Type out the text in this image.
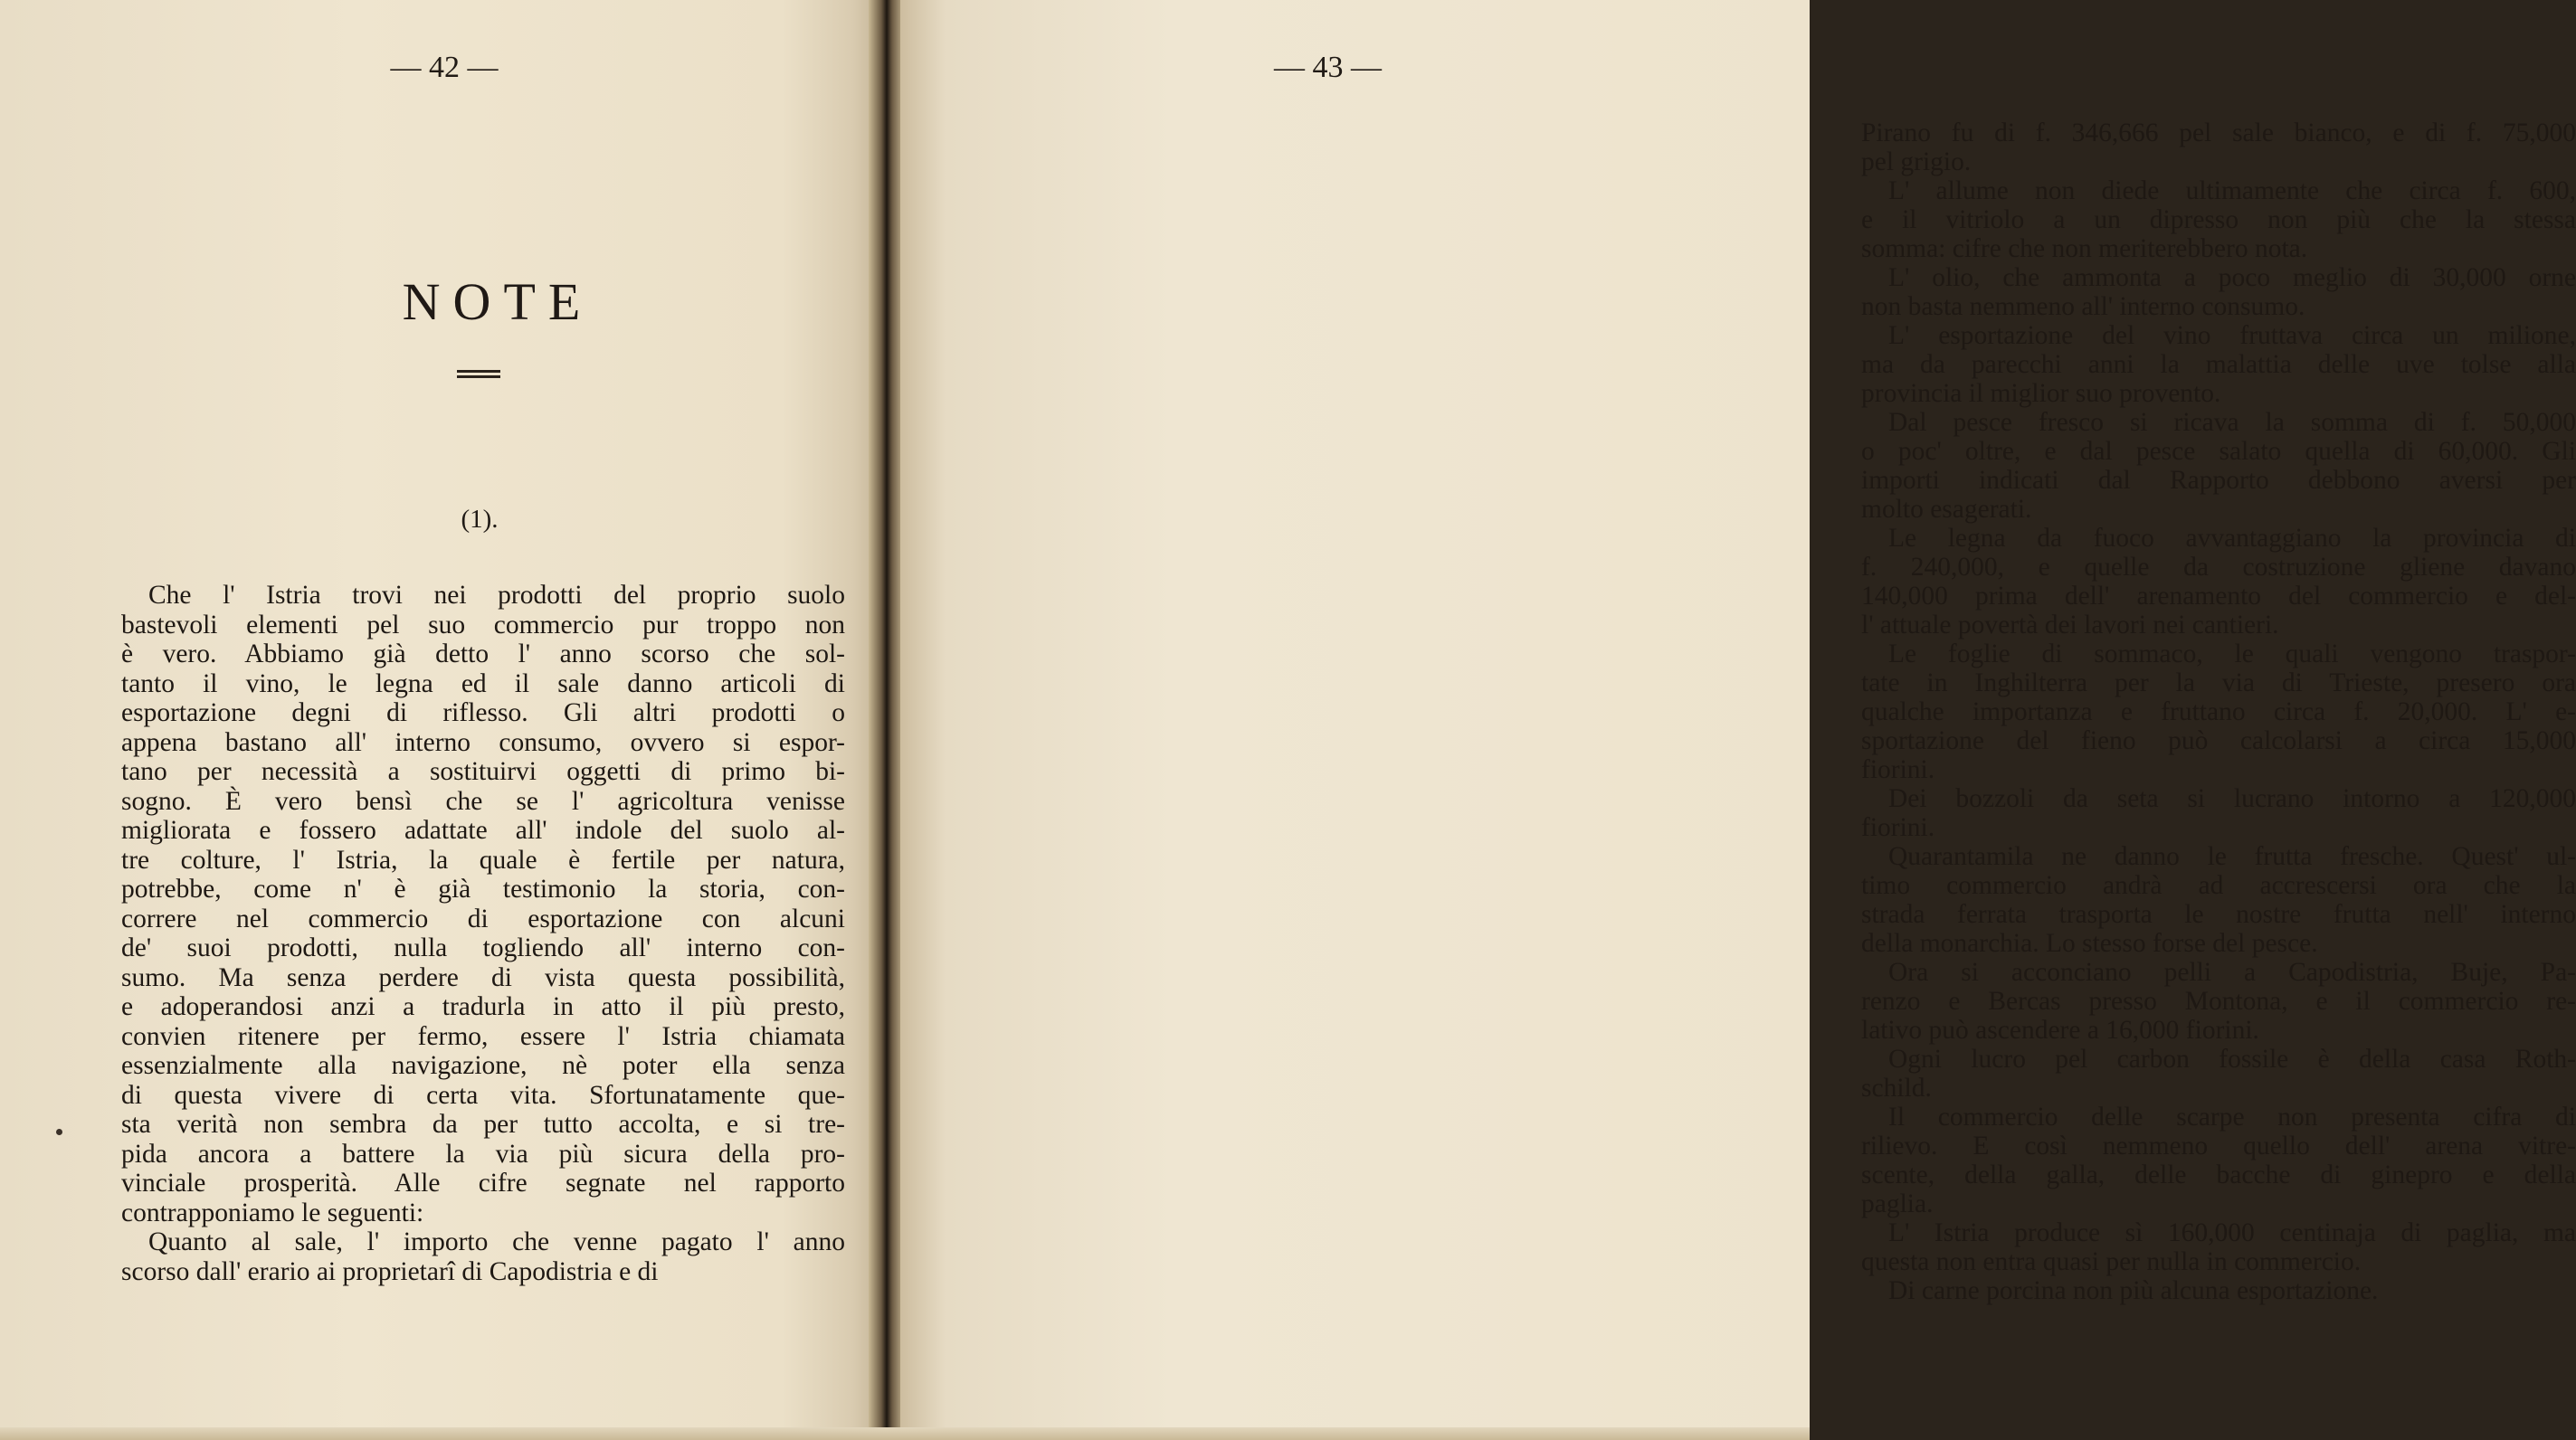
— 42 —
NOTE
(1).
Che l' Istria trovi nei prodotti del proprio suolo
bastevoli elementi pel suo commercio pur troppo non
è vero. Abbiamo già detto l' anno scorso che sol-
tanto il vino, le legna ed il sale danno articoli di
esportazione degni di riflesso. Gli altri prodotti o
appena bastano all' interno consumo, ovvero si espor-
tano per necessità a sostituirvi oggetti di primo bi-
sogno. È vero bensì che se l' agricoltura venisse
migliorata e fossero adattate all' indole del suolo al-
tre colture, l' Istria, la quale è fertile per natura,
potrebbe, come n' è già testimonio la storia, con-
correre nel commercio di esportazione con alcuni
de' suoi prodotti, nulla togliendo all' interno con-
sumo. Ma senza perdere di vista questa possibilità,
e adoperandosi anzi a tradurla in atto il più presto,
convien ritenere per fermo, essere l' Istria chiamata
essenzialmente alla navigazione, nè poter ella senza
di questa vivere di certa vita. Sfortunatamente que-
sta verità non sembra da per tutto accolta, e si tre-
pida ancora a battere la via più sicura della pro-
vinciale prosperità. Alle cifre segnate nel rapporto
contrapponiamo le seguenti:
Quanto al sale, l' importo che venne pagato l' anno
scorso dall' erario ai proprietarî di Capodistria e di
— 43 —
Pirano fu di f. 346,666 pel sale bianco, e di f. 75,000
pel grigio.
L' allume non diede ultimamente che circa f. 600,
e il vitriolo a un dipresso non più che la stessa
somma: cifre che non meriterebbero nota.
L' olio, che ammonta a poco meglio di 30,000 orne
non basta nemmeno all' interno consumo.
L' esportazione del vino fruttava circa un milione,
ma da parecchi anni la malattia delle uve tolse alla
provincia il miglior suo provento.
Dal pesce fresco si ricava la somma di f. 50,000
o poc' oltre, e dal pesce salato quella di 60,000. Gli
importi indicati dal Rapporto debbono aversi per
molto esagerati.
Le legna da fuoco avvantaggiano la provincia di
f. 240,000, e quelle da costruzione gliene davano
140,000 prima dell' arenamento del commercio e del-
l' attuale povertà dei lavori nei cantieri.
Le foglie di sommaco, le quali vengono traspor-
tate in Inghilterra per la via di Trieste, presero ora
qualche importanza e fruttano circa f. 20,000. L' e-
sportazione del fieno può calcolarsi a circa 15,000
fiorini.
Dei bozzoli da seta si lucrano intorno a 120,000
fiorini.
Quarantamila ne danno le frutta fresche. Quest' ul-
timo commercio andrà ad accrescersi ora che la
strada ferrata trasporta le nostre frutta nell' interno
della monarchia. Lo stesso forse del pesce.
Ora si acconciano pelli a Capodistria, Buje, Pa-
renzo e Bercas presso Montona, e il commercio re-
lativo può ascendere a 16,000 fiorini.
Ogni lucro pel carbon fossile è della casa Roth-
schild.
Il commercio delle scarpe non presenta cifra di
rilievo. E così nemmeno quello dell' arena vitre-
scente, della galla, delle bacche di ginepro e della
paglia.
L' Istria produce sì 160,000 centinaja di paglia, ma
questa non entra quasi per nulla in commercio.
Di carne porcina non più alcuna esportazione.
